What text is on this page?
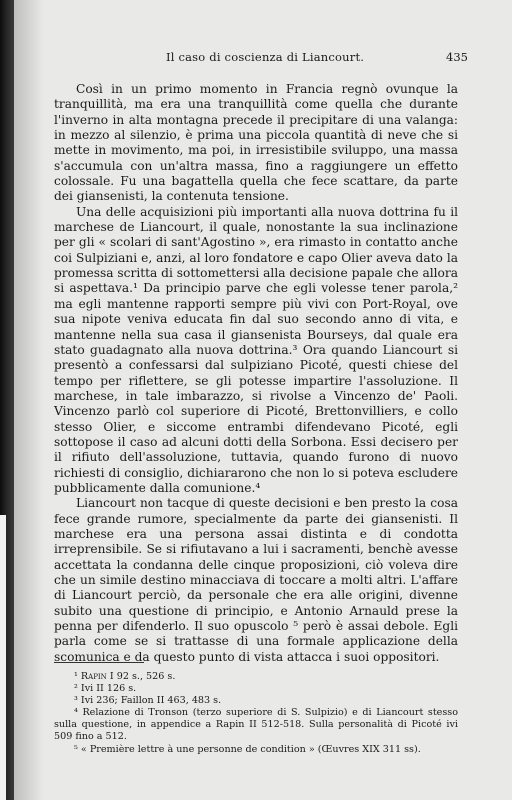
Il caso di coscienza di Liancourt.	435

Così in un primo momento in Francia regnò ovunque la tranquillità, ma era una tranquillità come quella che durante l'inverno in alta montagna precede il precipitare di una valanga: in mezzo al silenzio, è prima una piccola quantità di neve che si mette in movimento, ma poi, in irresistibile sviluppo, una massa s'accumula con un'altra massa, fino a raggiungere un effetto colossale. Fu una bagattella quella che fece scattare, da parte dei giansenisti, la contenuta tensione.

Una delle acquisizioni più importanti alla nuova dottrina fu il marchese de Liancourt, il quale, nonostante la sua inclinazione per gli « scolari di sant'Agostino », era rimasto in contatto anche coi Sulpiziani e, anzi, al loro fondatore e capo Olier aveva dato la promessa scritta di sottomettersi alla decisione papale che allora si aspettava.¹ Da principio parve che egli volesse tener parola,² ma egli mantenne rapporti sempre più vivi con Port-Royal, ove sua nipote veniva educata fin dal suo secondo anno di vita, e mantenne nella sua casa il giansenista Bourseys, dal quale era stato guadagnato alla nuova dottrina.³ Ora quando Liancourt si presentò a confessarsi dal sulpiziano Picoté, questi chiese del tempo per riflettere, se gli potesse impartire l'assoluzione. Il marchese, in tale imbarazzo, si rivolse a Vincenzo de' Paoli. Vincenzo parlò col superiore di Picoté, Brettonvilliers, e collo stesso Olier, e siccome entrambi difendevano Picoté, egli sottopose il caso ad alcuni dotti della Sorbona. Essi decisero per il rifiuto dell'assoluzione, tuttavia, quando furono di nuovo richiesti di consiglio, dichiararono che non lo si poteva escludere pubblicamente dalla comunione.⁴

Liancourt non tacque di queste decisioni e ben presto la cosa fece grande rumore, specialmente da parte dei giansenisti. Il marchese era una persona assai distinta e di condotta irreprensibile. Se si rifiutavano a lui i sacramenti, benchè avesse accettata la condanna delle cinque proposizioni, ciò voleva dire che un simile destino minacciava di toccare a molti altri. L'affare di Liancourt perciò, da personale che era alle origini, divenne subito una questione di principio, e Antonio Arnauld prese la penna per difenderlo. Il suo opuscolo ⁵ però è assai debole. Egli parla come se si trattasse di una formale applicazione della scomunica e da questo punto di vista attacca i suoi oppositori.

¹ Rapin I 92 s., 526 s.

² Ivi II 126 s.

³ Ivi 236; Faillon II 463, 483 s.

⁴ Relazione di Tronson (terzo superiore di S. Sulpizio) e di Liancourt stesso sulla questione, in appendice a Rapin II 512-518. Sulla personalità di Picoté ivi 509 fino a 512.

⁵ « Première lettre à une personne de condition » (Œuvres XIX 311 ss).
